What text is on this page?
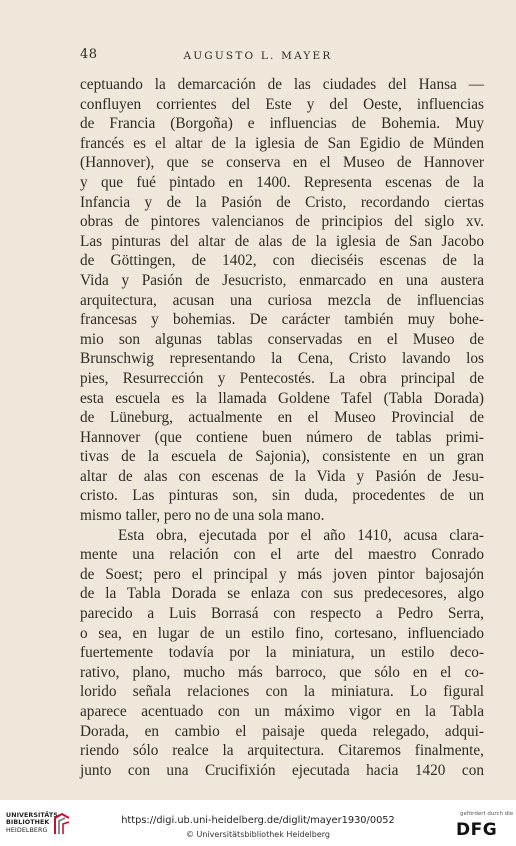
48	AUGUSTO L. MAYER

ceptuando la demarcación de las ciudades del Hansa —

confluyen corrientes del Este y del Oeste, influencias

de Francia (Borgoña) e influencias de Bohemia. Muy

francés es el altar de la iglesia de San Egidio de Münden

(Hannover), que se conserva en el Museo de Hannover

y que fué pintado en 1400. Representa escenas de la

Infancia y de la Pasión de Cristo, recordando ciertas

obras de pintores valencianos de principios del siglo xv.

Las pinturas del altar de alas de la iglesia de San Jacobo

de Göttingen, de 1402, con dieciséis escenas de la

Vida y Pasión de Jesucristo, enmarcado en una austera

arquitectura, acusan una curiosa mezcla de influencias

francesas y bohemias. De carácter también muy bohe-

mio son algunas tablas conservadas en el Museo de

Brunschwig representando la Cena, Cristo lavando los

pies, Resurrección y Pentecostés. La obra principal de

esta escuela es la llamada Goldene Tafel (Tabla Dorada)

de Lüneburg, actualmente en el Museo Provincial de

Hannover (que contiene buen número de tablas primi-

tivas de la escuela de Sajonia), consistente en un gran

altar de alas con escenas de la Vida y Pasión de Jesu-

cristo. Las pinturas son, sin duda, procedentes de un

mismo taller, pero no de una sola mano.

Esta obra, ejecutada por el año 1410, acusa clara-

mente una relación con el arte del maestro Conrado

de Soest; pero el principal y más joven pintor bajosajón

de la Tabla Dorada se enlaza con sus predecesores, algo

parecido a Luis Borrasá con respecto a Pedro Serra,

o sea, en lugar de un estilo fino, cortesano, influenciado

fuertemente todavía por la miniatura, un estilo deco-

rativo, plano, mucho más barroco, que sólo en el co-

lorido señala relaciones con la miniatura. Lo figural

aparece acentuado con un máximo vigor en la Tabla

Dorada, en cambio el paisaje queda relegado, adqui-

riendo sólo realce la arquitectura. Citaremos finalmente,

junto con una Crucifixión ejecutada hacia 1420 con

UNIVERSITÄTS-
BIBLIOTHEK
HEIDELBERG
https://digi.ub.uni-heidelberg.de/diglit/mayer1930/0052
© Universitätsbibliothek Heidelberg
gefördert durch die
DFG
